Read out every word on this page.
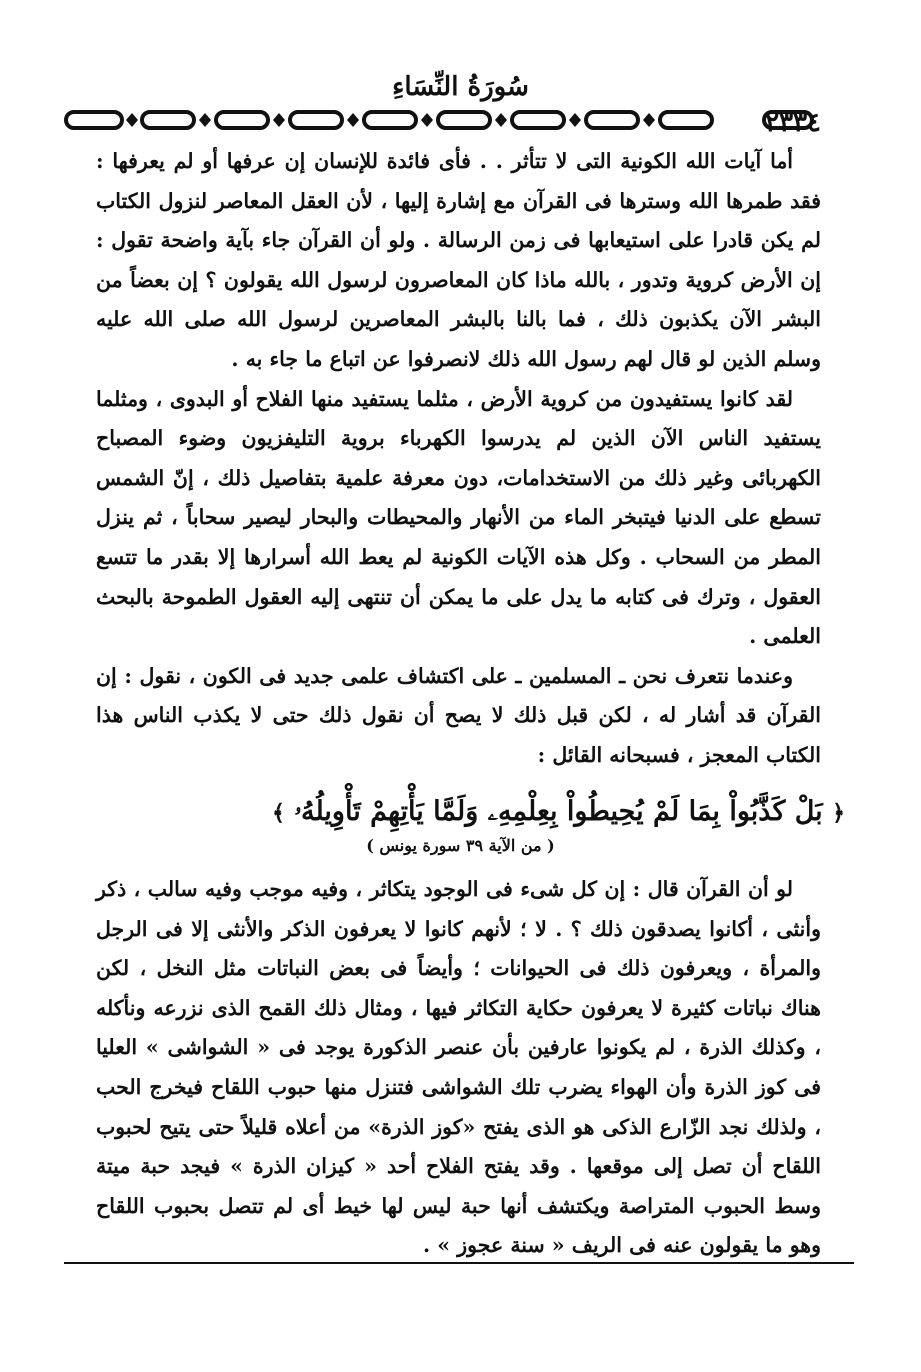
سُورَةُ النِّسَاءِ
٢٣٣٤

أما آيات الله الكونية التى لا تتأثر . . فأى فائدة للإنسان إن عرفها أو لم يعرفها : فقد طمرها الله وسترها فى القرآن مع إشارة إليها ، لأن العقل المعاصر لنزول الكتاب لم يكن قادرا على استيعابها فى زمن الرسالة . ولو أن القرآن جاء بآية واضحة تقول : إن الأرض كروية وتدور ، بالله ماذا كان المعاصرون لرسول الله يقولون ؟ إن بعضاً من البشر الآن يكذبون ذلك ، فما بالنا بالبشر المعاصرين لرسول الله صلى الله عليه وسلم الذين لو قال لهم رسول الله ذلك لانصرفوا عن اتباع ما جاء به .

لقد كانوا يستفيدون من كروية الأرض ، مثلما يستفيد منها الفلاح أو البدوى ، ومثلما يستفيد الناس الآن الذين لم يدرسوا الكهرباء بروية التليفزيون وضوء المصباح الكهربائى وغير ذلك من الاستخدامات، دون معرفة علمية بتفاصيل ذلك ، إنّ الشمس تسطع على الدنيا فيتبخر الماء من الأنهار والمحيطات والبحار ليصير سحاباً ، ثم ينزل المطر من السحاب . وكل هذه الآيات الكونية لم يعط الله أسرارها إلا بقدر ما تتسع العقول ، وترك فى كتابه ما يدل على ما يمكن أن تنتهى إليه العقول الطموحة بالبحث العلمى .

وعندما نتعرف نحن ـ المسلمين ـ على اكتشاف علمى جديد فى الكون ، نقول : إن القرآن قد أشار له ، لكن قبل ذلك لا يصح أن نقول ذلك حتى لا يكذب الناس هذا الكتاب المعجز ، فسبحانه القائل :

﴿ بَلْ كَذَّبُواْ بِمَا لَمْ يُحِيطُواْ بِعِلْمِهِۦ وَلَمَّا يَأْتِهِمْ تَأْوِيلُهُۥ ﴾
( من الآية ٣٩ سورة يونس )

لو أن القرآن قال : إن كل شىء فى الوجود يتكاثر ، وفيه موجب وفيه سالب ، ذكر وأنثى ، أكانوا يصدقون ذلك ؟ . لا ؛ لأنهم كانوا لا يعرفون الذكر والأنثى إلا فى الرجل والمرأة ، ويعرفون ذلك فى الحيوانات ؛ وأيضاً فى بعض النباتات مثل النخل ، لكن هناك نباتات كثيرة لا يعرفون حكاية التكاثر فيها ، ومثال ذلك القمح الذى نزرعه ونأكله ، وكذلك الذرة ، لم يكونوا عارفين بأن عنصر الذكورة يوجد فى « الشواشى » العليا فى كوز الذرة وأن الهواء يضرب تلك الشواشى فتنزل منها حبوب اللقاح فيخرج الحب ، ولذلك نجد الزّارع الذكى هو الذى يفتح «كوز الذرة» من أعلاه قليلاً حتى يتيح لحبوب اللقاح أن تصل إلى موقعها . وقد يفتح الفلاح أحد « كيزان الذرة » فيجد حبة ميتة وسط الحبوب المتراصة ويكتشف أنها حبة ليس لها خيط أى لم تتصل بحبوب اللقاح وهو ما يقولون عنه فى الريف « سنة عجوز » .
